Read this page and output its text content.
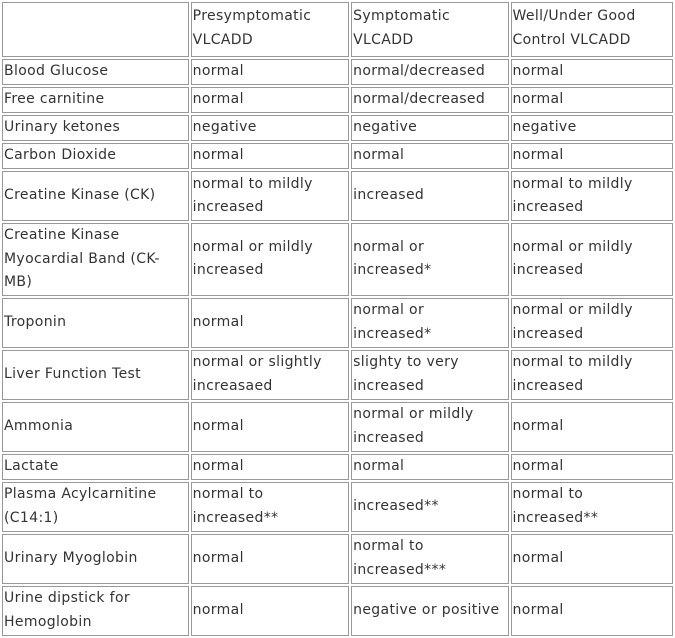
	Presymptomatic VLCADD	Symptomatic VLCADD	Well/Under Good Control VLCADD
Blood Glucose	normal	normal/decreased	normal
Free carnitine	normal	normal/decreased	normal
Urinary ketones	negative	negative	negative
Carbon Dioxide	normal	normal	normal
Creatine Kinase (CK)	normal to mildly increased	increased	normal to mildly increased
Creatine Kinase Myocardial Band (CK-MB)	normal or mildly increased	normal or increased*	normal or mildly increased
Troponin	normal	normal or increased*	normal or mildly increased
Liver Function Test	normal or slightly increasaed	slighty to very increased	normal to mildly increased
Ammonia	normal	normal or mildly increased	normal
Lactate	normal	normal	normal
Plasma Acylcarnitine (C14:1)	normal to increased**	increased**	normal to increased**
Urinary Myoglobin	normal	normal to increased***	normal
Urine dipstick for Hemoglobin	normal	negative or positive	normal
